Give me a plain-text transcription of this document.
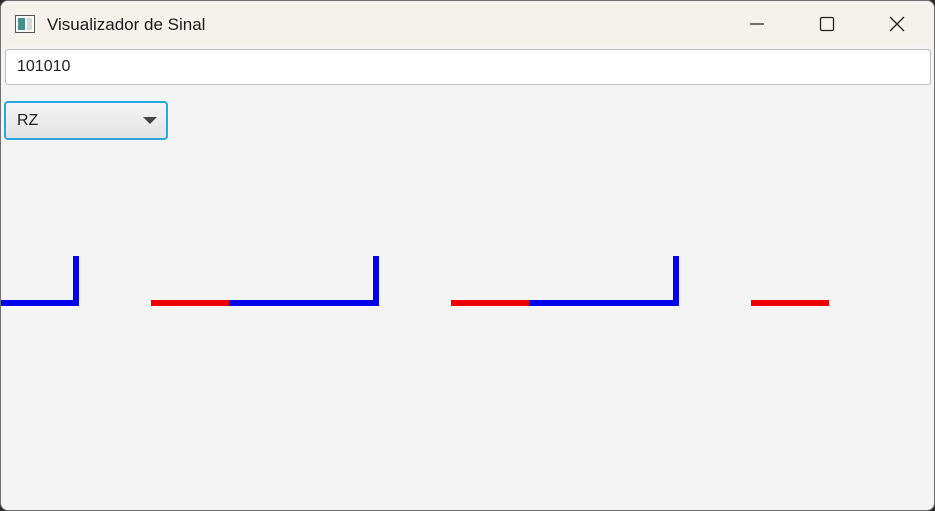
Visualizador de Sinal
101010
RZ
